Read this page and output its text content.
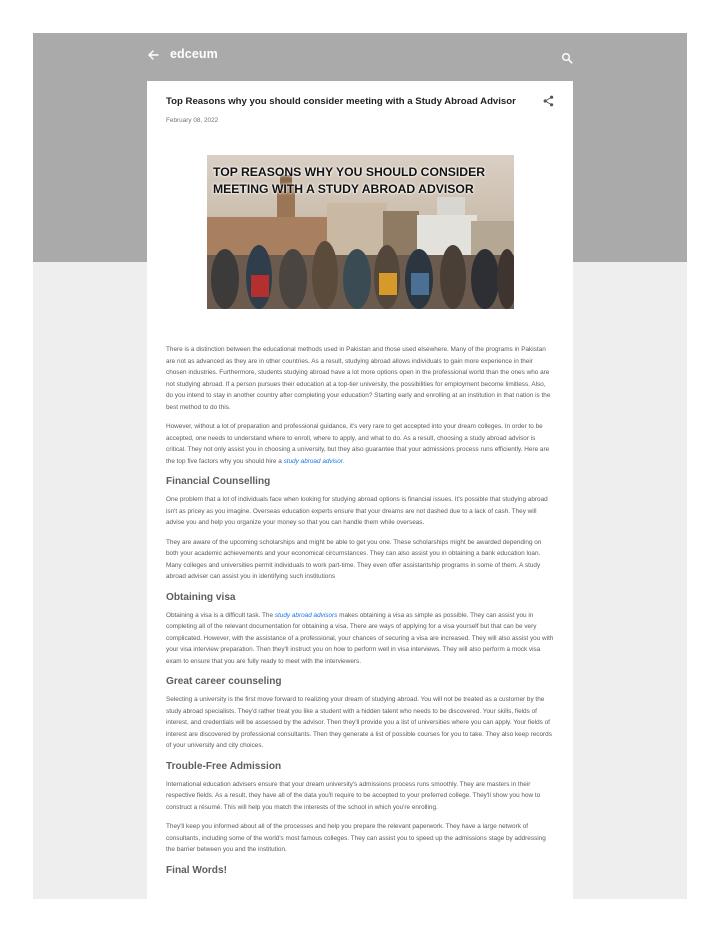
edceum
Top Reasons why you should consider meeting with a Study Abroad Advisor
February 08, 2022
TOP REASONS WHY YOU SHOULD CONSIDER MEETING WITH A STUDY ABROAD ADVISOR

There is a distinction between the educational methods used in Pakistan and those used elsewhere. Many of the programs in Pakistan are not as advanced as they are in other countries. As a result, studying abroad allows individuals to gain more experience in their chosen industries. Furthermore, students studying abroad have a lot more options open in the professional world than the ones who are not studying abroad. If a person pursues their education at a top-tier university, the possibilities for employment become limitless. Also, do you intend to stay in another country after completing your education? Starting early and enrolling at an institution in that nation is the best method to do this.

However, without a lot of preparation and professional guidance, it's very rare to get accepted into your dream colleges. In order to be accepted, one needs to understand where to enroll, where to apply, and what to do. As a result, choosing a study abroad advisor is critical. They not only assist you in choosing a university, but they also guarantee that your admissions process runs efficiently. Here are the top five factors why you should hire a study abroad advisor.

Financial Counselling

One problem that a lot of individuals face when looking for studying abroad options is financial issues. It's possible that studying abroad isn't as pricey as you imagine. Overseas education experts ensure that your dreams are not dashed due to a lack of cash. They will advise you and help you organize your money so that you can handle them while overseas.

They are aware of the upcoming scholarships and might be able to get you one. These scholarships might be awarded depending on both your academic achievements and your economical circumstances. They can also assist you in obtaining a bank education loan. Many colleges and universities permit individuals to work part-time. They even offer assistantship programs in some of them. A study abroad adviser can assist you in identifying such institutions

Obtaining visa

Obtaining a visa is a difficult task. The study abroad advisors makes obtaining a visa as simple as possible. They can assist you in completing all of the relevant documentation for obtaining a visa. There are ways of applying for a visa yourself but that can be very complicated. However, with the assistance of a professional, your chances of securing a visa are increased. They will also assist you with your visa interview preparation. Then they'll instruct you on how to perform well in visa interviews. They will also perform a mock visa exam to ensure that you are fully ready to meet with the interviewers.

Great career counseling

Selecting a university is the first move forward to realizing your dream of studying abroad. You will not be treated as a customer by the study abroad specialists. They'd rather treat you like a student with a hidden talent who needs to be discovered. Your skills, fields of interest, and credentials will be assessed by the advisor. Then they'll provide you a list of universities where you can apply. Your fields of interest are discovered by professional consultants. Then they generate a list of possible courses for you to take. They also keep records of your university and city choices.

Trouble-Free Admission

International education advisers ensure that your dream university's admissions process runs smoothly. They are masters in their respective fields. As a result, they have all of the data you'll require to be accepted to your preferred college. They'll show you how to construct a résumé. This will help you match the interests of the school in which you're enrolling.

They'll keep you informed about all of the processes and help you prepare the relevant paperwork. They have a large network of consultants, including some of the world's most famous colleges. They can assist you to speed up the admissions stage by addressing the barrier between you and the institution.

Final Words!
